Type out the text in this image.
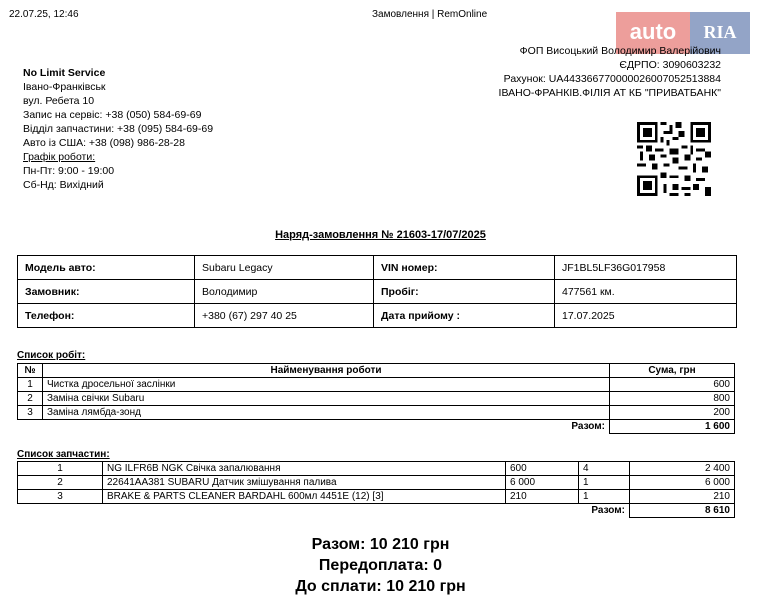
22.07.25, 12:46	Замовлення | RemOnline
auto	RIA
No Limit Service
Івано-Франківськ
вул. Ребета 10
Запис на сервіс: +38 (050) 584-69-69
Відділ запчастини: +38 (095) 584-69-69
Авто із США: +38 (098) 986-28-28
Графік роботи:
Пн-Пт: 9:00 - 19:00
Сб-Нд: Вихідний
ФОП Висоцький Володимир Валерійович
ЄДРПО: 3090603232
Рахунок: UA443366770000026007052513884
ІВАНО-ФРАНКІВ.ФІЛІЯ АТ КБ "ПРИВАТБАНК"
Наряд-замовлення № 21603-17/07/2025
Модель авто:	Subaru Legacy	VIN номер:	JF1BL5LF36G017958
Замовник:	Володимир	Пробіг:	477561 км.
Телефон:	+380 (67) 297 40 25	Дата прийому :	17.07.2025
Список робіт:
№	Найменування роботи	Сума, грн
1	Чистка дросельної заслінки	600
2	Заміна свічки Subaru	800
3	Заміна лямбда-зонд	200
Разом:		1 600
Список запчастин:
1	NG ILFR6B NGK Свічка запалювання	600	4	2 400
2	22641AA381 SUBARU Датчик змішування палива	6 000	1	6 000
3	BRAKE & PARTS CLEANER BARDAHL 600мл 4451E (12) [3]	210	1	210
Разом:				8 610
Разом: 10 210 грн
Передоплата: 0
До сплати: 10 210 грн
